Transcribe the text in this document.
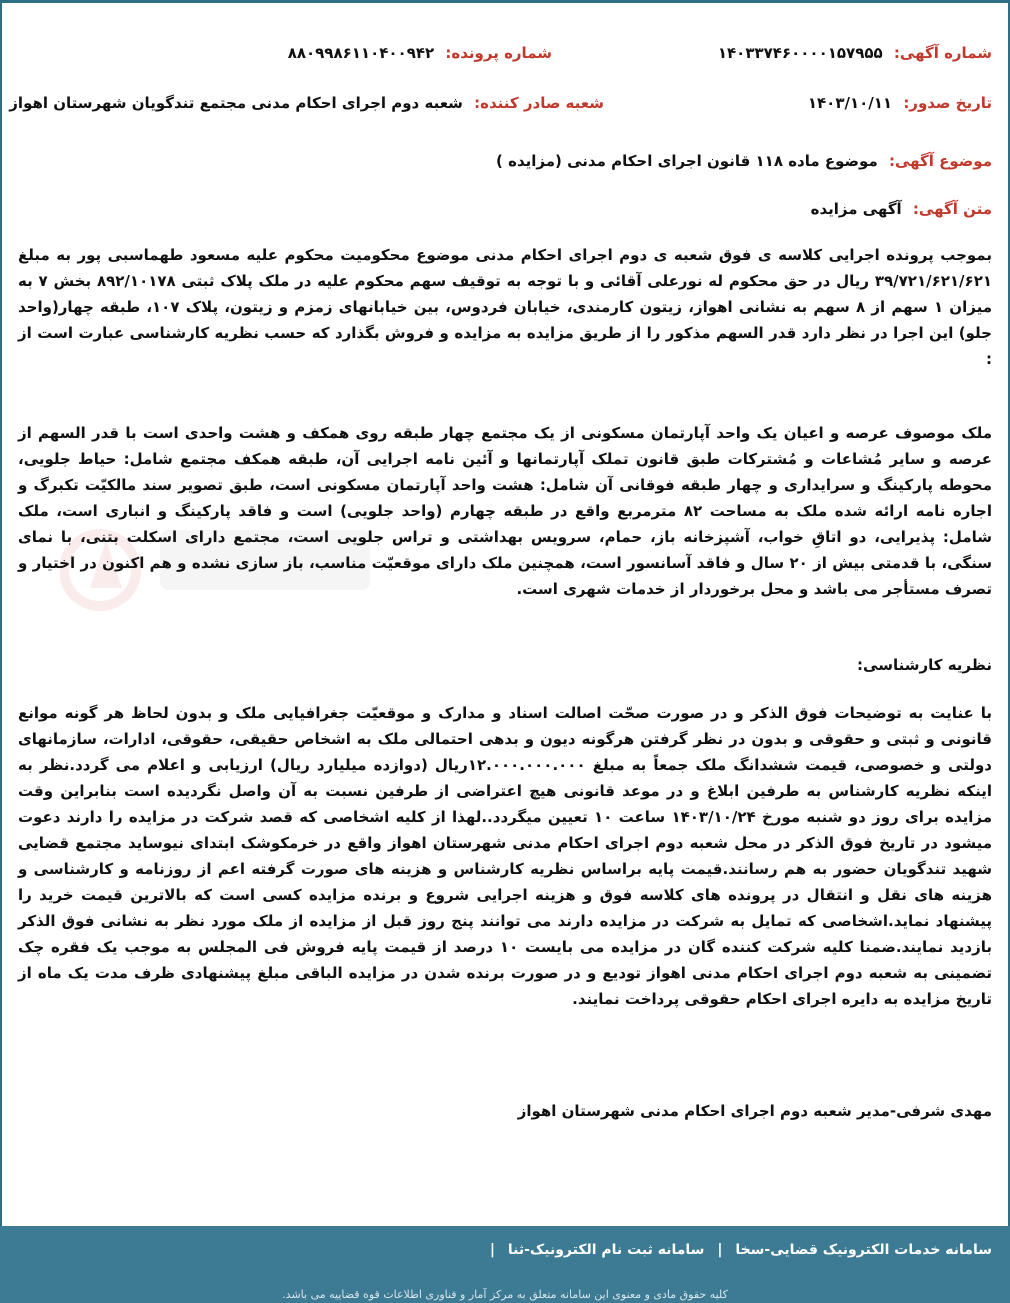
شماره آگهی: ۱۴۰۳۳۷۴۶۰۰۰۰۱۵۷۹۵۵
شماره پرونده: ۸۸۰۹۹۸۶۱۱۰۴۰۰۹۴۲
تاریخ صدور: ۱۴۰۳/۱۰/۱۱
شعبه صادر کننده: شعبه دوم اجرای احکام مدنی مجتمع تندگویان شهرستان اهواز
موضوع آگهی: موضوع ماده ۱۱۸ قانون اجرای احکام مدنی (مزایده )
متن آگهی: آگهی مزایده

بموجب پرونده اجرایی کلاسه ی فوق شعبه ی دوم اجرای احکام مدنی موضوع محکومیت محکوم علیه مسعود طهماسبی پور به مبلغ ۳۹/۷۲۱/۶۲۱/۶۲۱ ریال در حق محکوم له نورعلی آقائی و با توجه به توقیف سهم محکوم علیه در ملک پلاک ثبتی ۸۹۲/۱۰۱۷۸ بخش ۷ به میزان ۱ سهم از ۸ سهم به نشانی اهواز، زیتون کارمندی، خیابان فردوس، بین خیابانهای زمزم و زیتون، پلاک ۱۰۷، طبقه چهار(واحد جلو) این اجرا در نظر دارد قدر السهم مذکور را از طریق مزایده به مزایده و فروش بگذارد که حسب نظریه کارشناسی عبارت است از :

ملک موصوف عرصه و اعیان یک واحد آپارتمان مسکونی از یک مجتمع چهار طبقه روی همکف و هشت واحدی است با قدر السهم از عرصه و سایر مُشاعات و مُشترکات طبق قانون تملک آپارتمانها و آئین نامه اجرایی آن، طبقه همکف مجتمع شامل: حیاط جلویی، محوطه پارکینگ و سرایداری و چهار طبقه فوقانی آن شامل: هشت واحد آپارتمان مسکونی است، طبق تصویر سند مالکیّت تکبرگ و اجاره نامه ارائه شده ملک به مساحت ۸۲ مترمربع واقع در طبقه چهارم (واحد جلویی) است و فاقد پارکینگ و انباری است، ملک شامل: پذیرایی، دو اتاقِ خواب، آشپزخانه باز، حمام، سرویس بهداشتی و تراس جلویی است، مجتمع دارای اسکلت بتنی، با نمای سنگی، با قدمتی بیش از ۲۰ سال و فاقد آسانسور است، همچنین ملک دارای موقعیّت مناسب، باز سازی نشده و هم اکنون در اختیار و تصرف مستأجر می باشد و محل برخوردار از خدمات شهری است.

نظریه کارشناسی:

با عنایت به توضیحات فوق الذکر و در صورت صحّت اصالت اسناد و مدارک و موقعیّت جغرافیایی ملک و بدون لحاظ هر گونه موانع قانونی و ثبتی و حقوقی و بدون در نظر گرفتن هرگونه دیون و بدهی احتمالی ملک به اشخاص حقیقی، حقوقی، ادارات، سازمانهای دولتی و خصوصی، قیمت ششدانگ ملک جمعاً به مبلغ ۱۲.۰۰۰.۰۰۰.۰۰۰ریال (دوازده میلیارد ریال) ارزیابی و اعلام می گردد.نظر به اینکه نظریه کارشناس به طرفین ابلاغ و در موعد قانونی هیچ اعتراضی از طرفین نسبت به آن واصل نگردیده است بنابراین وقت مزایده برای روز دو شنبه مورخ ۱۴۰۳/۱۰/۲۴ ساعت ۱۰ تعیین میگردد..لهذا از کلیه اشخاصی که قصد شرکت در مزایده را دارند دعوت میشود در تاریخ فوق الذکر در محل شعبه دوم اجرای احکام مدنی شهرستان اهواز واقع در خرمکوشک ابتدای نیوساید مجتمع قضایی شهید تندگویان حضور به هم رسانند.قیمت پایه براساس نظریه کارشناس و هزینه های صورت گرفته اعم از روزنامه و کارشناسی و هزینه های نقل و انتقال در پرونده های کلاسه فوق و هزینه اجرایی شروع و برنده مزایده کسی است که بالاترین قیمت خرید را پیشنهاد نماید.اشخاصی که تمایل به شرکت در مزایده دارند می توانند پنج روز قبل از مزایده از ملک مورد نظر به نشانی فوق الذکر بازدید نمایند.ضمنا کلیه شرکت کننده گان در مزایده می بایست ۱۰ درصد از قیمت پایه فروش فی المجلس به موجب یک فقره چک تضمینی به شعبه دوم اجرای احکام مدنی اهواز تودیع و در صورت برنده شدن در مزایده الباقی مبلغ پیشنهادی ظرف مدت یک ماه از تاریخ مزایده به دایره اجرای احکام حقوقی پرداخت نمایند.

مهدی شرفی-مدیر شعبه دوم اجرای احکام مدنی شهرستان اهواز

سامانه خدمات الکترونیک قضایی-سخا | سامانه ثبت نام الکترونیک-ثنا |
کلیه حقوق مادی و معنوی این سامانه متعلق به مرکز آمار و فناوری اطلاعات قوه قضاییه می باشد.
